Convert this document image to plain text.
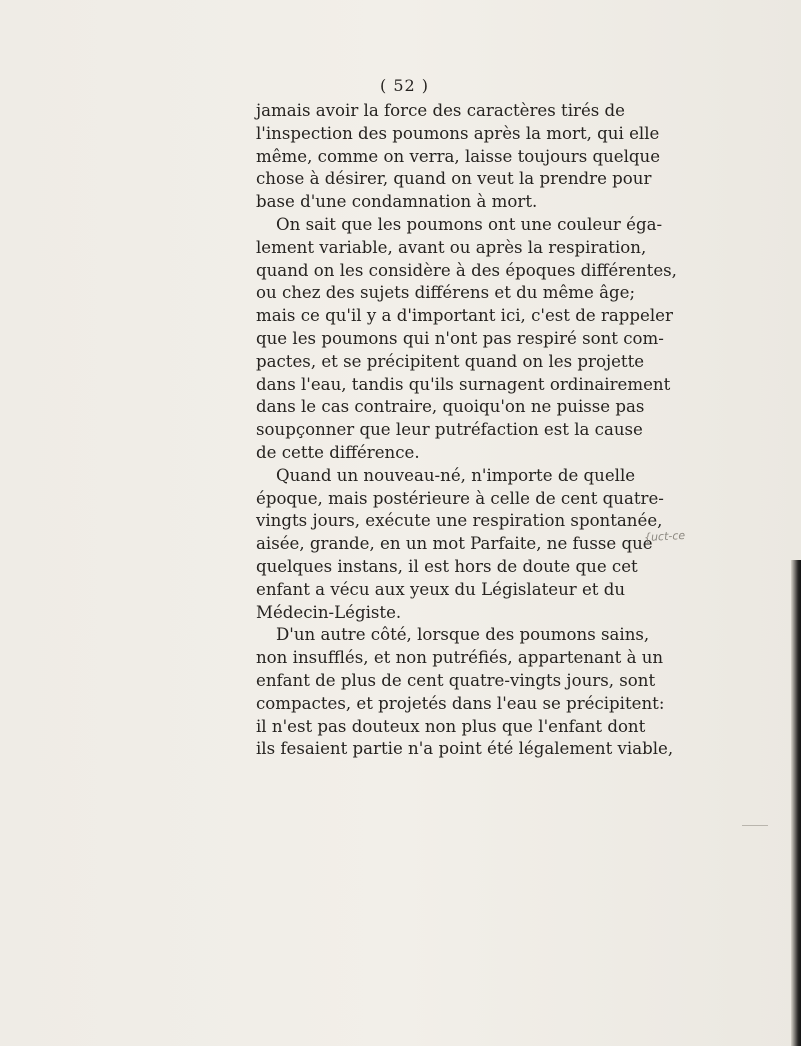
( 52 )

jamais avoir la force des caractères tirés de
l'inspection des poumons après la mort, qui elle
même, comme on verra, laisse toujours quelque
chose à désirer, quand on veut la prendre pour
base d'une condamnation à mort.
On sait que les poumons ont une couleur éga-
lement variable, avant ou après la respiration,
quand on les considère à des époques différentes,
ou chez des sujets différens et du même âge;
mais ce qu'il y a d'important ici, c'est de rappeler
que les poumons qui n'ont pas respiré sont com-
pactes, et se précipitent quand on les projette
dans l'eau, tandis qu'ils surnagent ordinairement
dans le cas contraire, quoiqu'on ne puisse pas
soupçonner que leur putréfaction est la cause
de cette différence.
Quand un nouveau-né, n'importe de quelle
époque, mais postérieure à celle de cent quatre-
vingts jours, exécute une respiration spontanée,
aisée, grande, en un mot Parfaite, ne fusse que
quelques instans, il est hors de doute que cet
enfant a vécu aux yeux du Législateur et du
Médecin-Légiste.
D'un autre côté, lorsque des poumons sains,
non insufflés, et non putréfiés, appartenant à un
enfant de plus de cent quatre-vingts jours, sont
compactes, et projetés dans l'eau se précipitent:
il n'est pas douteux non plus que l'enfant dont
ils fesaient partie n'a point été légalement viable,

{uct-ce
